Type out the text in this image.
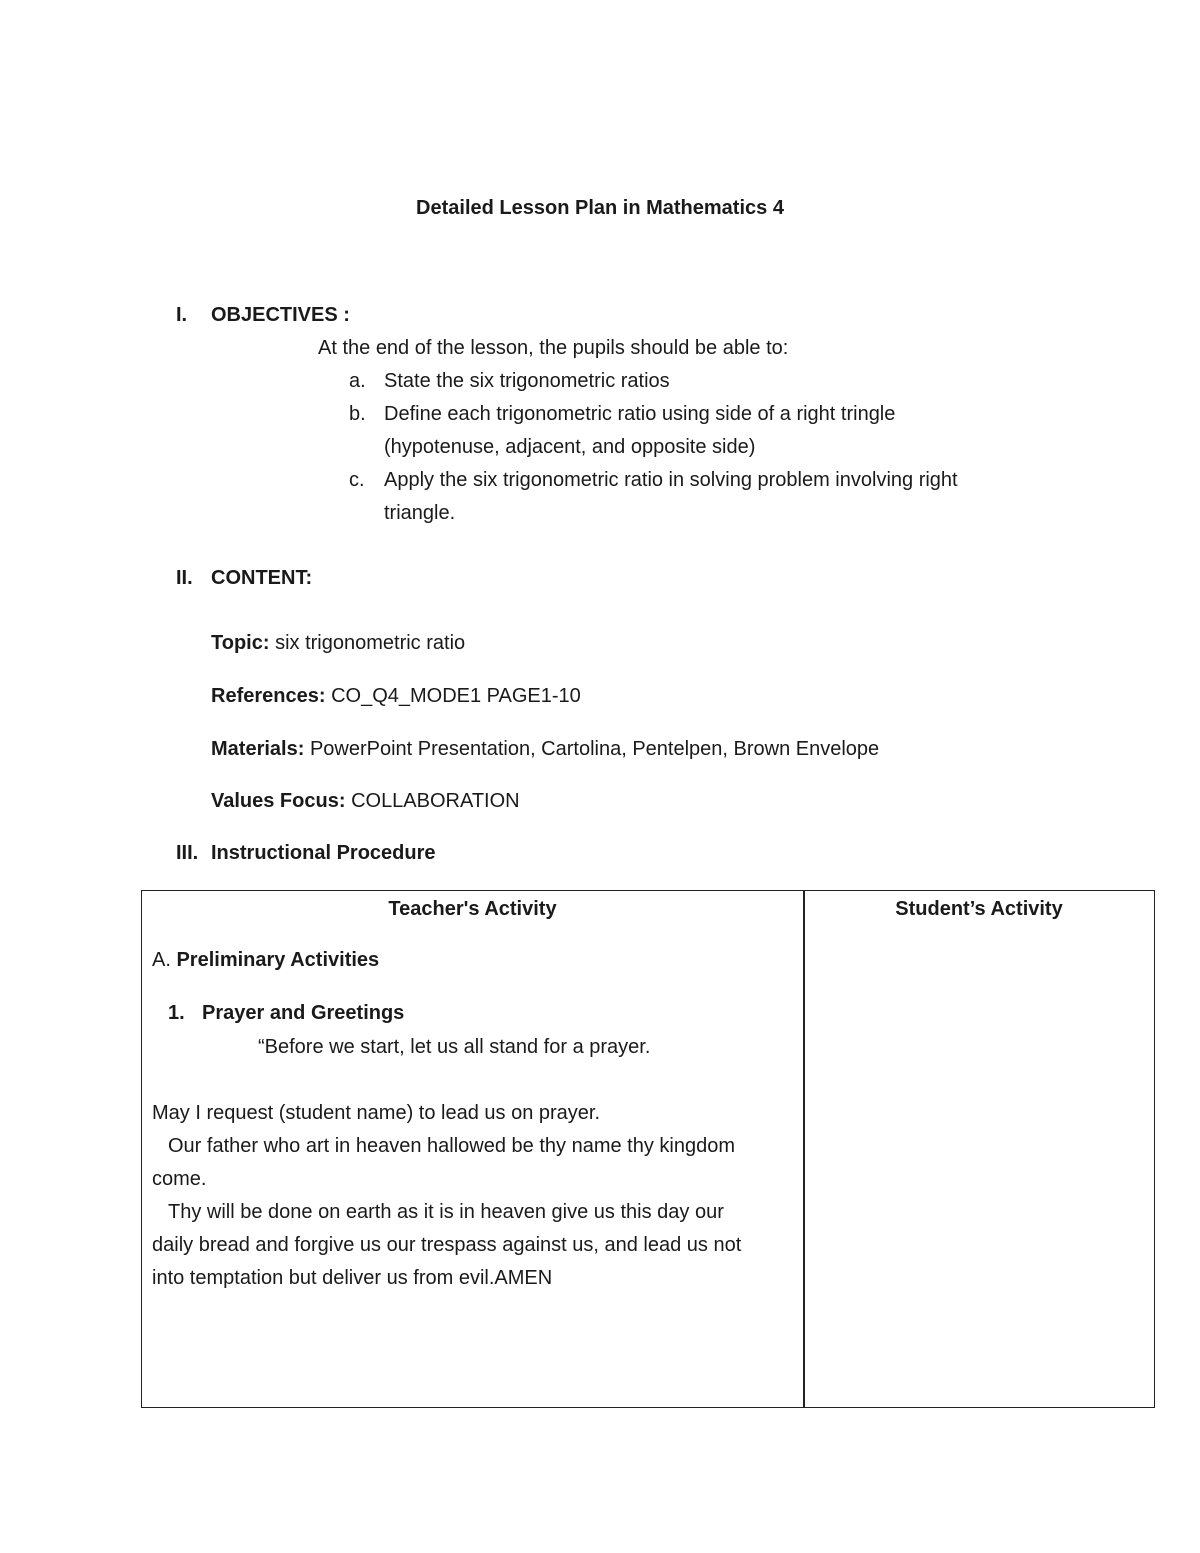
Detailed Lesson Plan in Mathematics 4
I. OBJECTIVES :
At the end of the lesson, the pupils should be able to:
a. State the six trigonometric ratios
b. Define each trigonometric ratio using side of a right tringle
(hypotenuse, adjacent, and opposite side)
c. Apply the six trigonometric ratio in solving problem involving right
triangle.
II. CONTENT:
Topic: six trigonometric ratio
References: CO_Q4_MODE1 PAGE1-10
Materials: PowerPoint Presentation, Cartolina, Pentelpen, Brown Envelope
Values Focus: COLLABORATION
III. Instructional Procedure
Teacher's Activity	Student’s Activity
A. Preliminary Activities
1. Prayer and Greetings
“Before we start, let us all stand for a prayer.
May I request (student name) to lead us on prayer.
Our father who art in heaven hallowed be thy name thy kingdom
come.
Thy will be done on earth as it is in heaven give us this day our
daily bread and forgive us our trespass against us, and lead us not
into temptation but deliver us from evil.AMEN
